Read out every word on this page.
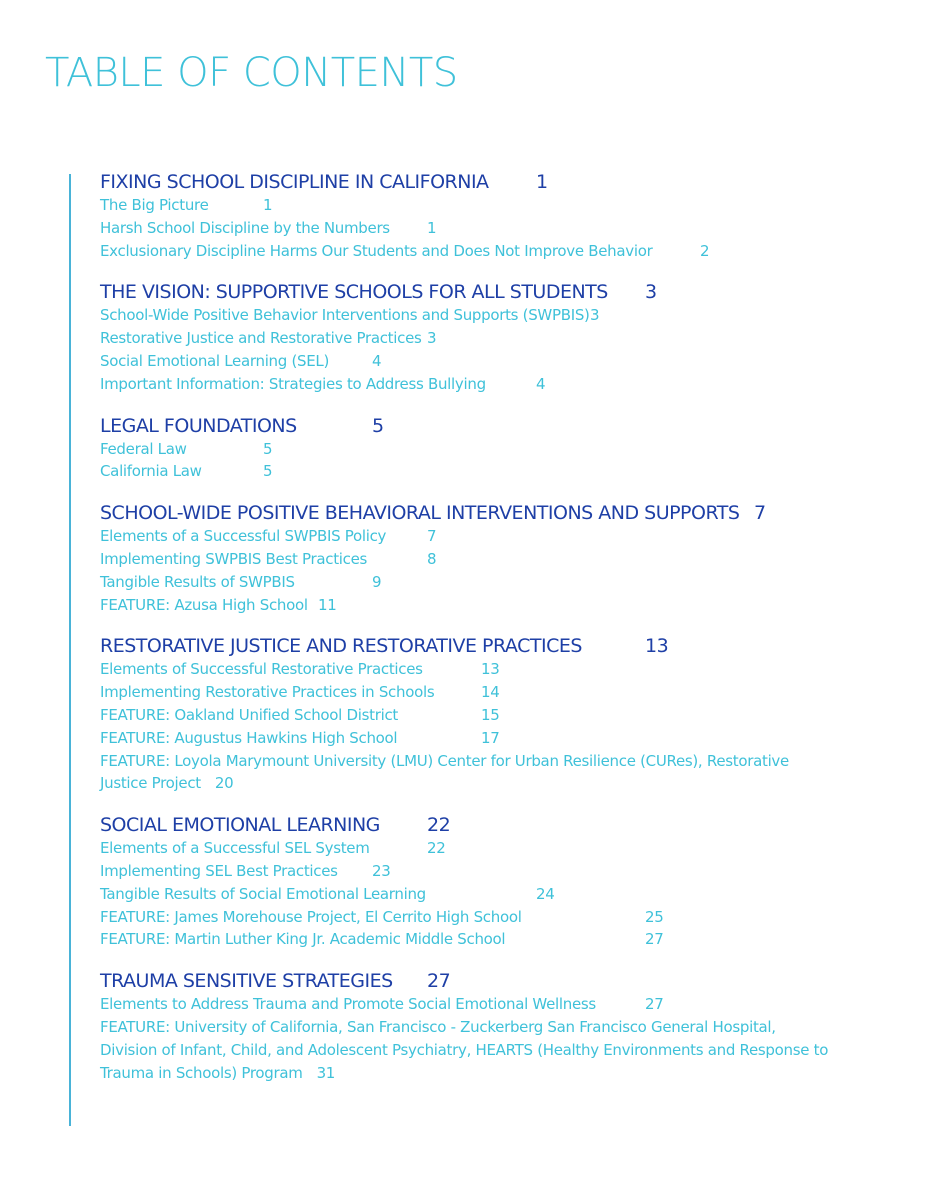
TABLE OF CONTENTS
FIXING SCHOOL DISCIPLINE IN CALIFORNIA 1
The Big Picture	1
Harsh School Discipline by the Numbers 1
Exclusionary Discipline Harms Our Students and Does Not Improve Behavior	2
THE VISION: SUPPORTIVE SCHOOLS FOR ALL STUDENTS 3
School-Wide Positive Behavior Interventions and Supports (SWPBIS) 3
Restorative Justice and Restorative Practices 3
Social Emotional Learning (SEL)	4
Important Information: Strategies to Address Bullying	4
LEGAL FOUNDATIONS	5
Federal Law	5
California Law	5
SCHOOL-WIDE POSITIVE BEHAVIORAL INTERVENTIONS AND SUPPORTS 7
Elements of a Successful SWPBIS Policy	7
Implementing SWPBIS Best Practices	8
Tangible Results of SWPBIS	9
FEATURE: Azusa High School 11
RESTORATIVE JUSTICE AND RESTORATIVE PRACTICES	13
Elements of Successful Restorative Practices	13
Implementing Restorative Practices in Schools	14
FEATURE: Oakland Unified School District	15
FEATURE: Augustus Hawkins High School	17
FEATURE: Loyola Marymount University (LMU) Center for Urban Resilience (CURes), Restorative Justice Project 20
SOCIAL EMOTIONAL LEARNING 22
Elements of a Successful SEL System	22
Implementing SEL Best Practices 23
Tangible Results of Social Emotional Learning	24
FEATURE: James Morehouse Project, El Cerrito High School	25
FEATURE: Martin Luther King Jr. Academic Middle School	27
TRAUMA SENSITIVE STRATEGIES 27
Elements to Address Trauma and Promote Social Emotional Wellness	27
FEATURE: University of California, San Francisco - Zuckerberg San Francisco General Hospital, Division of Infant, Child, and Adolescent Psychiatry, HEARTS (Healthy Environments and Response to Trauma in Schools) Program 31
